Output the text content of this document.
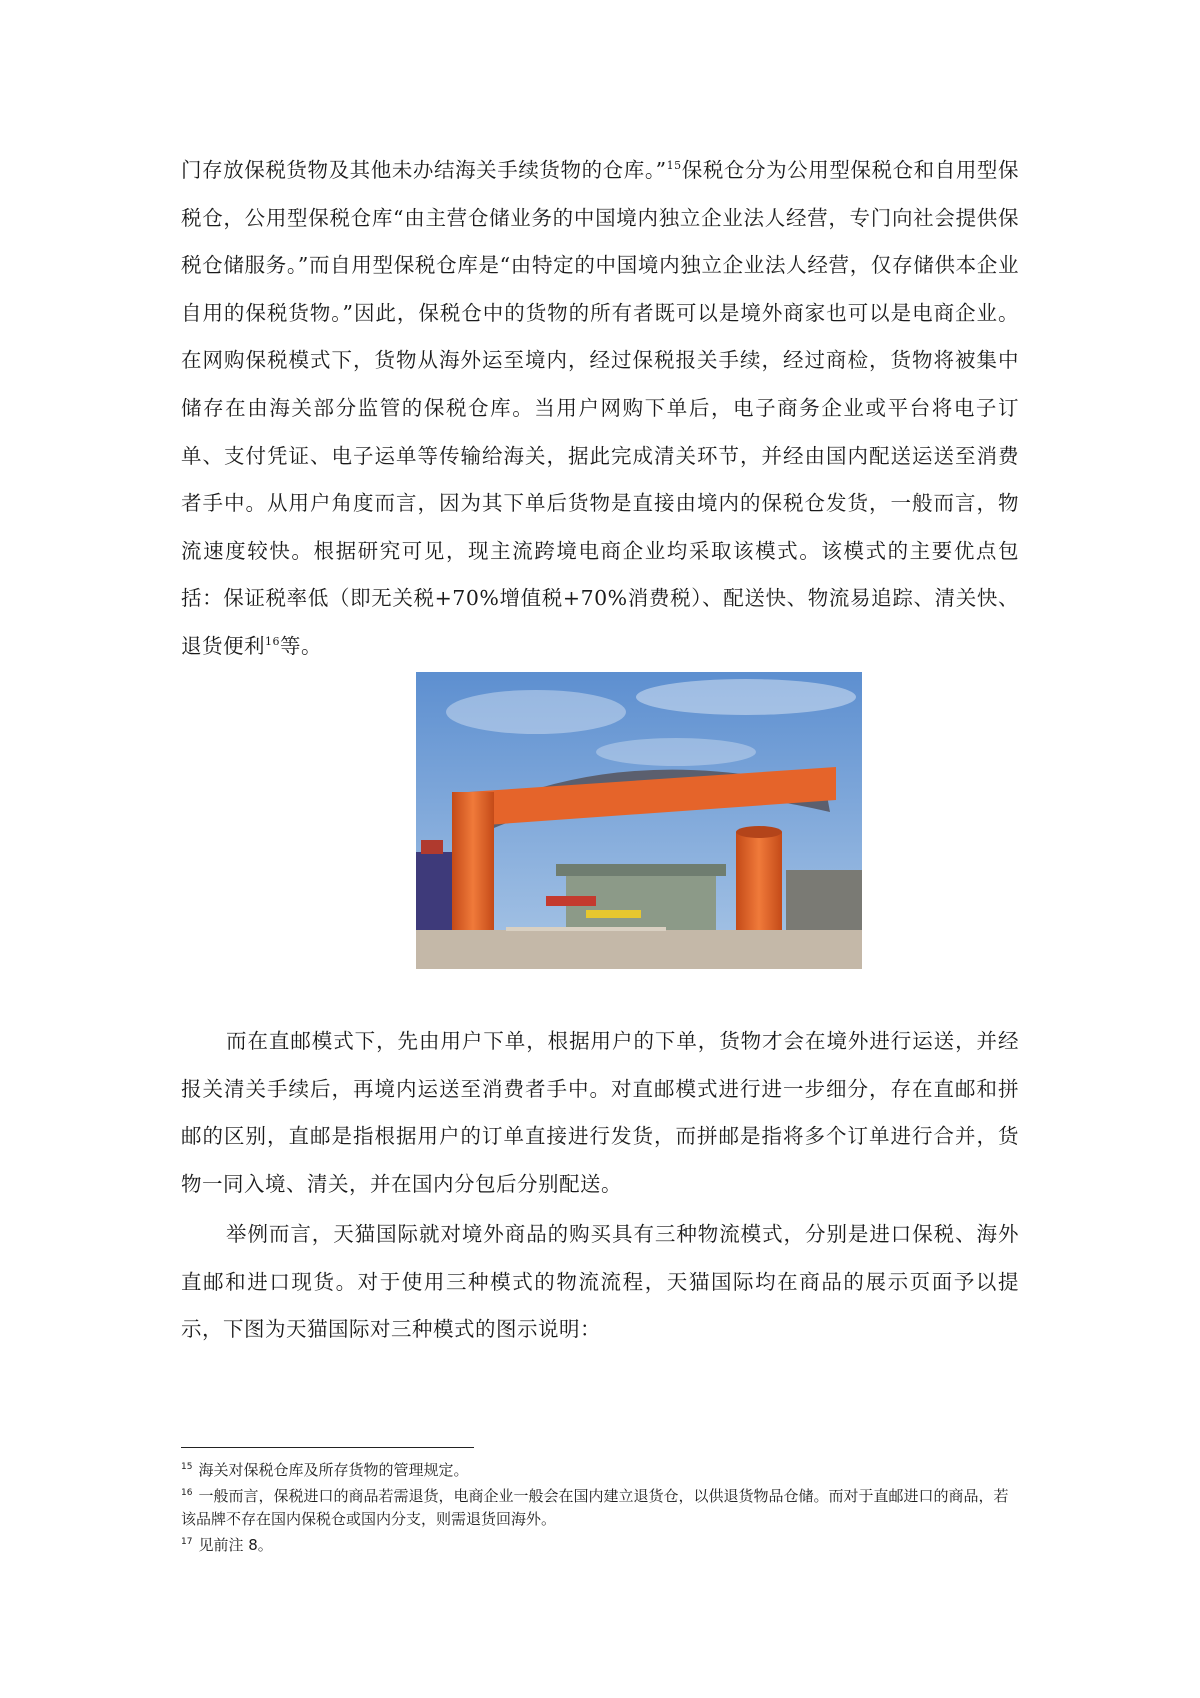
门存放保税货物及其他未办结海关手续货物的仓库。”$^{15}$保税仓分为公用型保税仓和自用型保税仓，公用型保税仓库“由主营仓储业务的中国境内独立企业法人经营，专门向社会提供保税仓储服务。”而自用型保税仓库是“由特定的中国境内独立企业法人经营，仅存储供本企业自用的保税货物。”因此，保税仓中的货物的所有者既可以是境外商家也可以是电商企业。在网购保税模式下，货物从海外运至境内，经过保税报关手续，经过商检，货物将被集中储存在由海关部分监管的保税仓库。当用户网购下单后，电子商务企业或平台将电子订单、支付凭证、电子运单等传输给海关，据此完成清关环节，并经由国内配送运送至消费者手中。从用户角度而言，因为其下单后货物是直接由境内的保税仓发货，一般而言，物流速度较快。根据研究可见，现主流跨境电商企业均采取该模式。该模式的主要优点包括：保证税率低（即无关税+70%增值税+70%消费税）、配送快、物流易追踪、清关快、退货便利$^{16}$等。

而在直邮模式下，先由用户下单，根据用户的下单，货物才会在境外进行运送，并经报关清关手续后，再境内运送至消费者手中。对直邮模式进行进一步细分，存在直邮和拼邮的区别，直邮是指根据用户的订单直接进行发货，而拼邮是指将多个订单进行合并，货物一同入境、清关，并在国内分包后分别配送。

举例而言，天猫国际就对境外商品的购买具有三种物流模式，分别是进口保税、海外直邮和进口现货。对于使用三种模式的物流流程，天猫国际均在商品的展示页面予以提示，下图为天猫国际对三种模式的图示说明：

$^{15}$ 海关对保税仓库及所存货物的管理规定。

$^{16}$ 一般而言，保税进口的商品若需退货，电商企业一般会在国内建立退货仓，以供退货物品仓储。而对于直邮进口的商品，若该品牌不存在国内保税仓或国内分支，则需退货回海外。

$^{17}$ 见前注 8。
